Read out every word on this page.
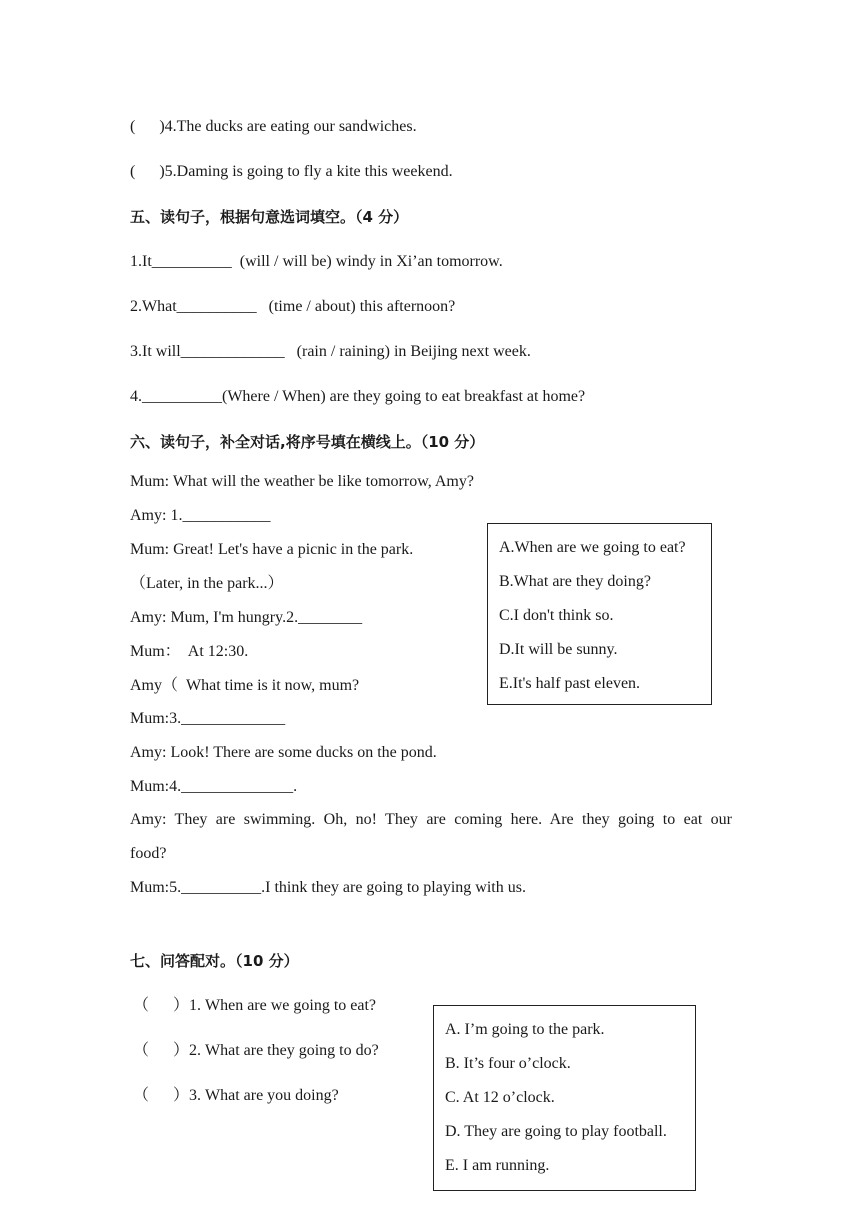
(      )4.The ducks are eating our sandwiches.
(      )5.Daming is going to fly a kite this weekend.
五、读句子，根据句意选词填空。（4 分）
1.It__________  (will / will be) windy in Xi’an tomorrow.
2.What__________   (time / about) this afternoon?
3.It will_____________   (rain / raining) in Beijing next week.
4.__________(Where / When) are they going to eat breakfast at home?
六、读句子，补全对话,将序号填在横线上。（10 分）
Mum: What will the weather be like tomorrow, Amy?
Amy: 1.___________
Mum: Great! Let's have a picnic in the park.
（Later, in the park...）
Amy: Mum, I'm hungry.2.________
Mum：  At 12:30.
Amy（  What time is it now, mum?
Mum:3._____________
Amy: Look! There are some ducks on the pond.
Mum:4.______________.
Amy: They are swimming. Oh, no! They are coming here. Are they going to eat our
food?
Mum:5.__________.I think they are going to playing with us.
A.When are we going to eat?
B.What are they doing?
C.I don't think so.
D.It will be sunny.
E.It's half past eleven.
七、问答配对。（10 分）
（      ）1. When are we going to eat?
（      ）2. What are they going to do?
（      ）3. What are you doing?
A. I’m going to the park.
B. It’s four o’clock.
C. At 12 o’clock.
D. They are going to play football.
E. I am running.
